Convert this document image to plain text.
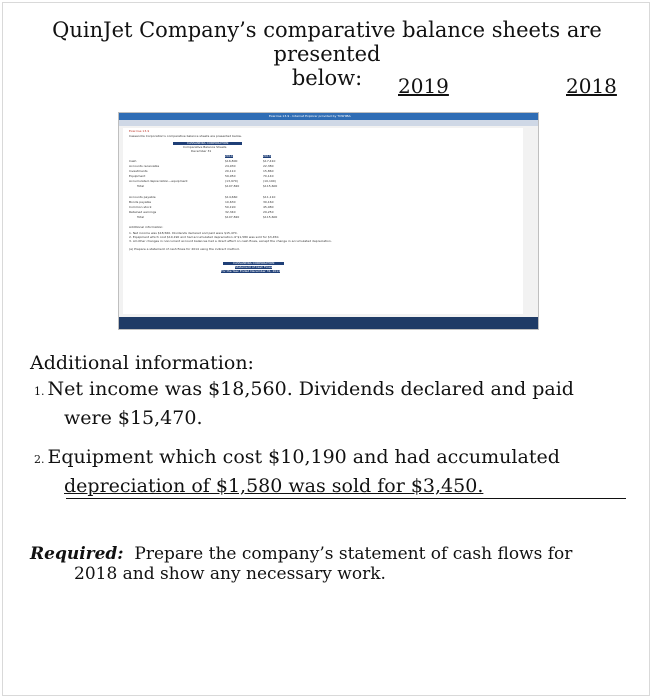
QuinJet Company’s comparative balance sheets are presented
below:	2019	2018
Exercise 13-9 - Internet Explorer provided by TOSHIBA
Exercise 13-9
Cassandra Corporation's comparative balance sheets are presented below.
CASSANDRA CORPORATION
Comparative Balance Sheets
December 31
2014	2013
Cash	$16,800	$17,410
Accounts receivable	24,930	22,380
Investments	20,110	15,860
Equipment	59,950	70,140
Accumulated depreciation—equipment	(13,970)	(10,190)
Total	$107,820	$115,600
Accounts payable	$14,660	$11,110
Bonds payable	10,630	30,160
Common stock	50,190	45,080
Retained earnings	32,340	29,250
Total	$107,820	$115,600
Additional information:
1. Net income was $18,560. Dividends declared and paid were $15,470.
2. Equipment which cost $10,190 and had accumulated depreciation of $1,580 was sold for $3,450.
3. All other changes in noncurrent account balances had a direct effect on cash flows, except the change in accumulated depreciation.
(a) Prepare a statement of cash flows for 2014 using the indirect method.
CASSANDRA CORPORATION
Statement of Cash Flows
For the Year Ended December 31, 2014
Additional information:
1. Net income was $18,560. Dividends declared and paid
were $15,470.
2. Equipment which cost $10,190 and had accumulated
depreciation of $1,580 was sold for $3,450.
Required: Prepare the company’s statement of cash flows for
2018 and show any necessary work.
